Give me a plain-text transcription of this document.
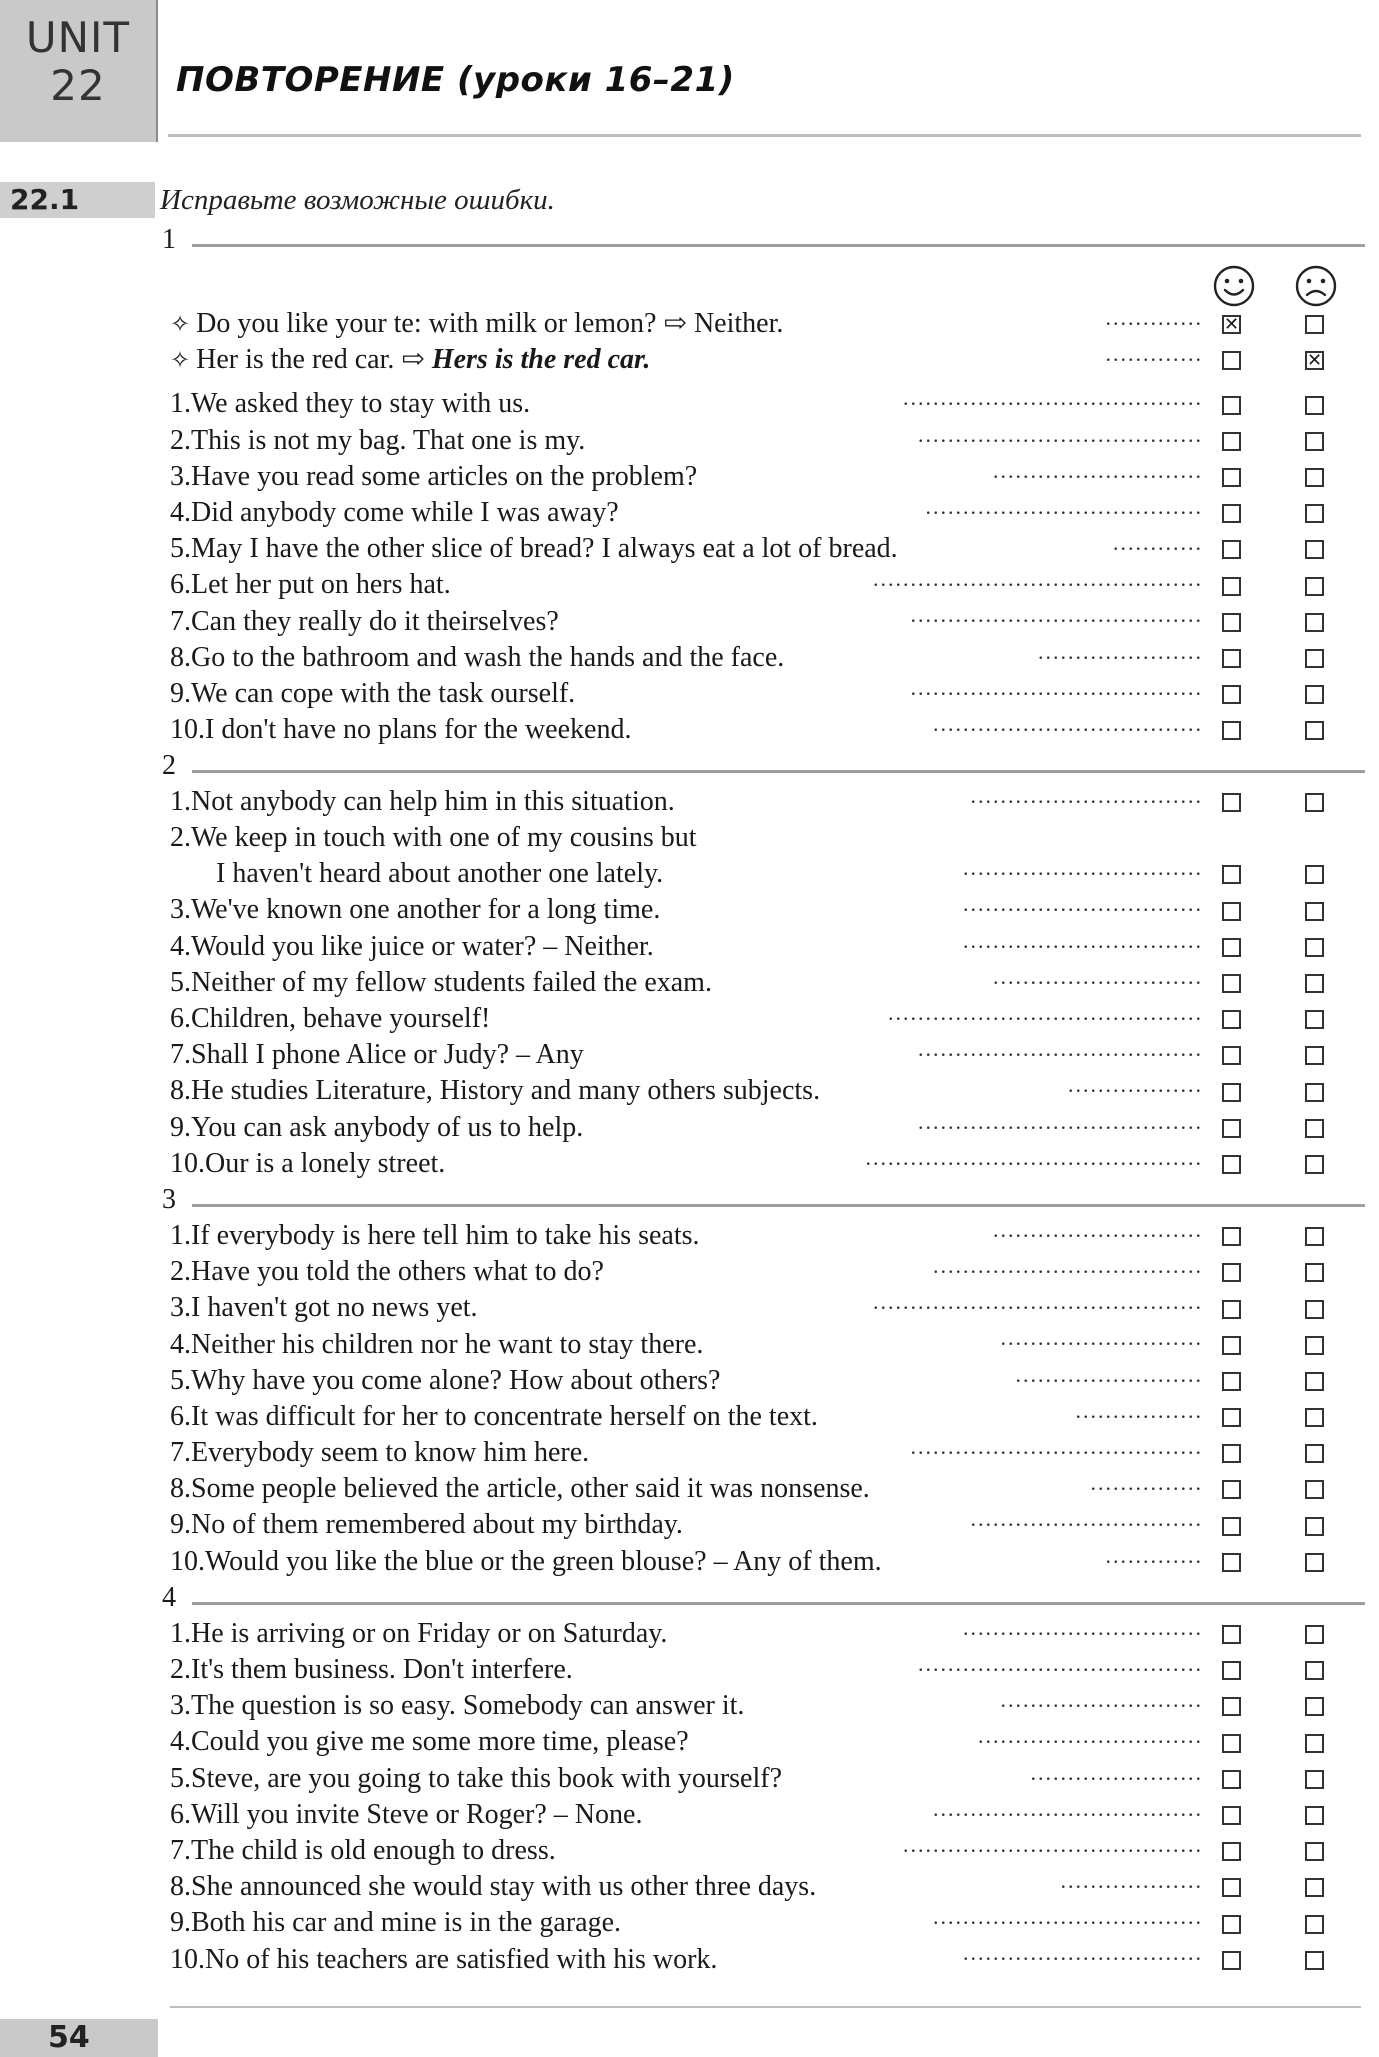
UNIT
22	ПОВТОРЕНИЕ (уроки 16–21)
22.1	Исправьте возможные ошибки.
1
✧ Do you like your te: with milk or lemon? ⇨ Neither.	............. ✕
✧ Her is the red car. ⇨ Hers is the red car.	.............	✕
1.We asked they to stay with us.	........................................
2.This is not my bag. That one is my.	......................................
3.Have you read some articles on the problem?	............................
4.Did anybody come while I was away?	.....................................
5.May I have the other slice of bread? I always eat a lot of bread.	............
6.Let her put on hers hat.	............................................
7.Can they really do it theirselves?	.......................................
8.Go to the bathroom and wash the hands and the face.	......................
9.We can cope with the task ourself.	.......................................
10.I don't have no plans for the weekend.	....................................
2
1.Not anybody can help him in this situation.	...............................
2.We keep in touch with one of my cousins but
I haven't heard about another one lately.	................................
3.We've known one another for a long time.	................................
4.Would you like juice or water? – Neither.	................................
5.Neither of my fellow students failed the exam.	............................
6.Children, behave yourself!	..........................................
7.Shall I phone Alice or Judy? – Any	......................................
8.He studies Literature, History and many others subjects.	..................
9.You can ask anybody of us to help.	......................................
10.Our is a lonely street.	.............................................
3
1.If everybody is here tell him to take his seats.	............................
2.Have you told the others what to do?	....................................
3.I haven't got no news yet.	............................................
4.Neither his children nor he want to stay there.	...........................
5.Why have you come alone? How about others?	.........................
6.It was difficult for her to concentrate herself on the text.	.................
7.Everybody seem to know him here.	.......................................
8.Some people believed the article, other said it was nonsense.	...............
9.No of them remembered about my birthday.	...............................
10.Would you like the blue or the green blouse? – Any of them.	.............
4
1.He is arriving or on Friday or on Saturday.	................................
2.It's them business. Don't interfere.	......................................
3.The question is so easy. Somebody can answer it.	...........................
4.Could you give me some more time, please?	..............................
5.Steve, are you going to take this book with yourself?	.......................
6.Will you invite Steve or Roger? – None.	....................................
7.The child is old enough to dress.	........................................
8.She announced she would stay with us other three days.	...................
9.Both his car and mine is in the garage.	....................................
10.No of his teachers are satisfied with his work.	................................
54
